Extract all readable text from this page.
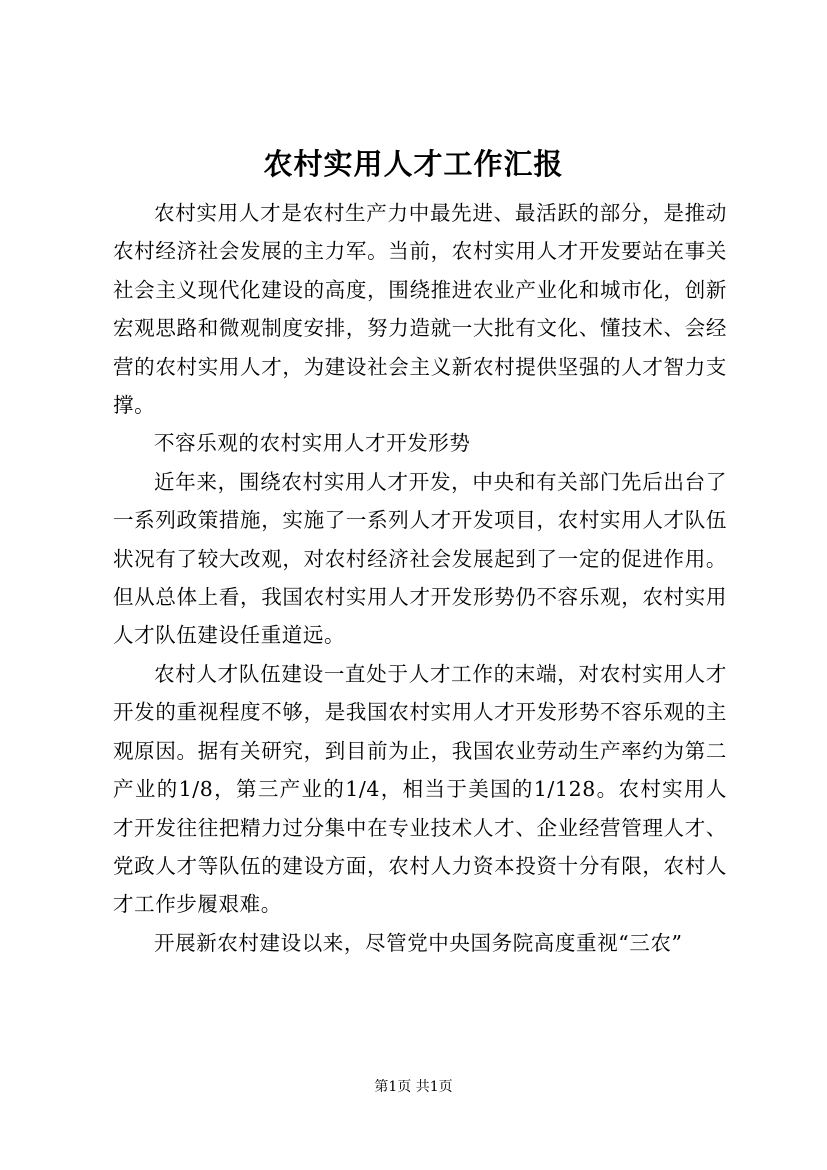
农村实用人才工作汇报

农村实用人才是农村生产力中最先进、最活跃的部分，是推动农村经济社会发展的主力军。当前，农村实用人才开发要站在事关社会主义现代化建设的高度，围绕推进农业产业化和城市化，创新宏观思路和微观制度安排，努力造就一大批有文化、懂技术、会经营的农村实用人才，为建设社会主义新农村提供坚强的人才智力支撑。

不容乐观的农村实用人才开发形势

近年来，围绕农村实用人才开发，中央和有关部门先后出台了一系列政策措施，实施了一系列人才开发项目，农村实用人才队伍状况有了较大改观，对农村经济社会发展起到了一定的促进作用。但从总体上看，我国农村实用人才开发形势仍不容乐观，农村实用人才队伍建设任重道远。

农村人才队伍建设一直处于人才工作的末端，对农村实用人才开发的重视程度不够，是我国农村实用人才开发形势不容乐观的主观原因。据有关研究，到目前为止，我国农业劳动生产率约为第二产业的1/8，第三产业的1/4，相当于美国的1/128。农村实用人才开发往往把精力过分集中在专业技术人才、企业经营管理人才、党政人才等队伍的建设方面，农村人力资本投资十分有限，农村人才工作步履艰难。

开展新农村建设以来，尽管党中央国务院高度重视“三农”

第1页 共1页
